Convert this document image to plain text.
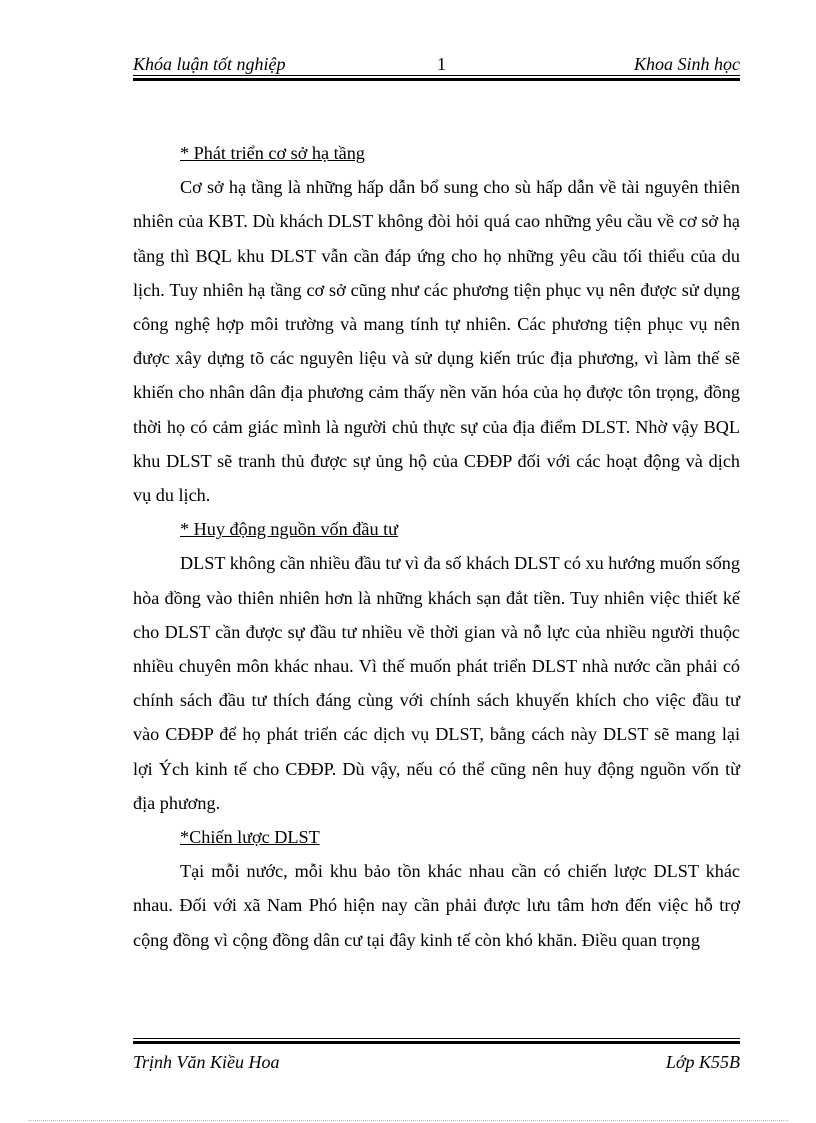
Khóa luận tốt nghiệp	1	Khoa Sinh học

* Phát triển cơ sở hạ tầng

Cơ sở hạ tầng là những hấp dẫn bổ sung cho sù hấp dẫn về tài nguyên thiên nhiên của KBT. Dù khách DLST không đòi hỏi quá cao những yêu cầu về cơ sở hạ tầng thì BQL khu DLST vẫn cần đáp ứng cho họ những yêu cầu tối thiểu của du lịch. Tuy nhiên hạ tầng cơ sở cũng như các phương tiện phục vụ nên được sử dụng công nghệ hợp môi trường và mang tính tự nhiên. Các phương tiện phục vụ nên được xây dựng tõ các nguyên liệu và sử dụng kiến trúc địa phương, vì làm thế sẽ khiến cho nhân dân địa phương cảm thấy nền văn hóa của họ được tôn trọng, đồng thời họ có cảm giác mình là người chủ thực sự của địa điểm DLST. Nhờ vậy BQL khu DLST sẽ tranh thủ được sự ủng hộ của CĐĐP đối với các hoạt động và dịch vụ du lịch.

* Huy động nguồn vốn đầu tư

DLST không cần nhiều đầu tư vì đa số khách DLST có xu hướng muốn sống hòa đồng vào thiên nhiên hơn là những khách sạn đắt tiền. Tuy nhiên việc thiết kế cho DLST cần được sự đầu tư nhiều về thời gian và nỗ lực của nhiều người thuộc nhiều chuyên môn khác nhau. Vì thế muốn phát triển DLST nhà nước cần phải có chính sách đầu tư thích đáng cùng với chính sách khuyến khích cho việc đầu tư vào CĐĐP để họ phát triển các dịch vụ DLST, bằng cách này DLST sẽ mang lại lợi Ých kinh tế cho CĐĐP. Dù vậy, nếu có thể cũng nên huy động nguồn vốn từ địa phương.

*Chiến lược DLST

Tại mỗi nước, mỗi khu bảo tồn khác nhau cần có chiến lược DLST khác nhau. Đối với xã Nam Phó hiện nay cần phải được lưu tâm hơn đến việc hỗ trợ cộng đồng vì cộng đồng dân cư tại đây kinh tế còn khó khăn. Điều quan trọng

Trịnh Văn Kiều Hoa	Lớp K55B
